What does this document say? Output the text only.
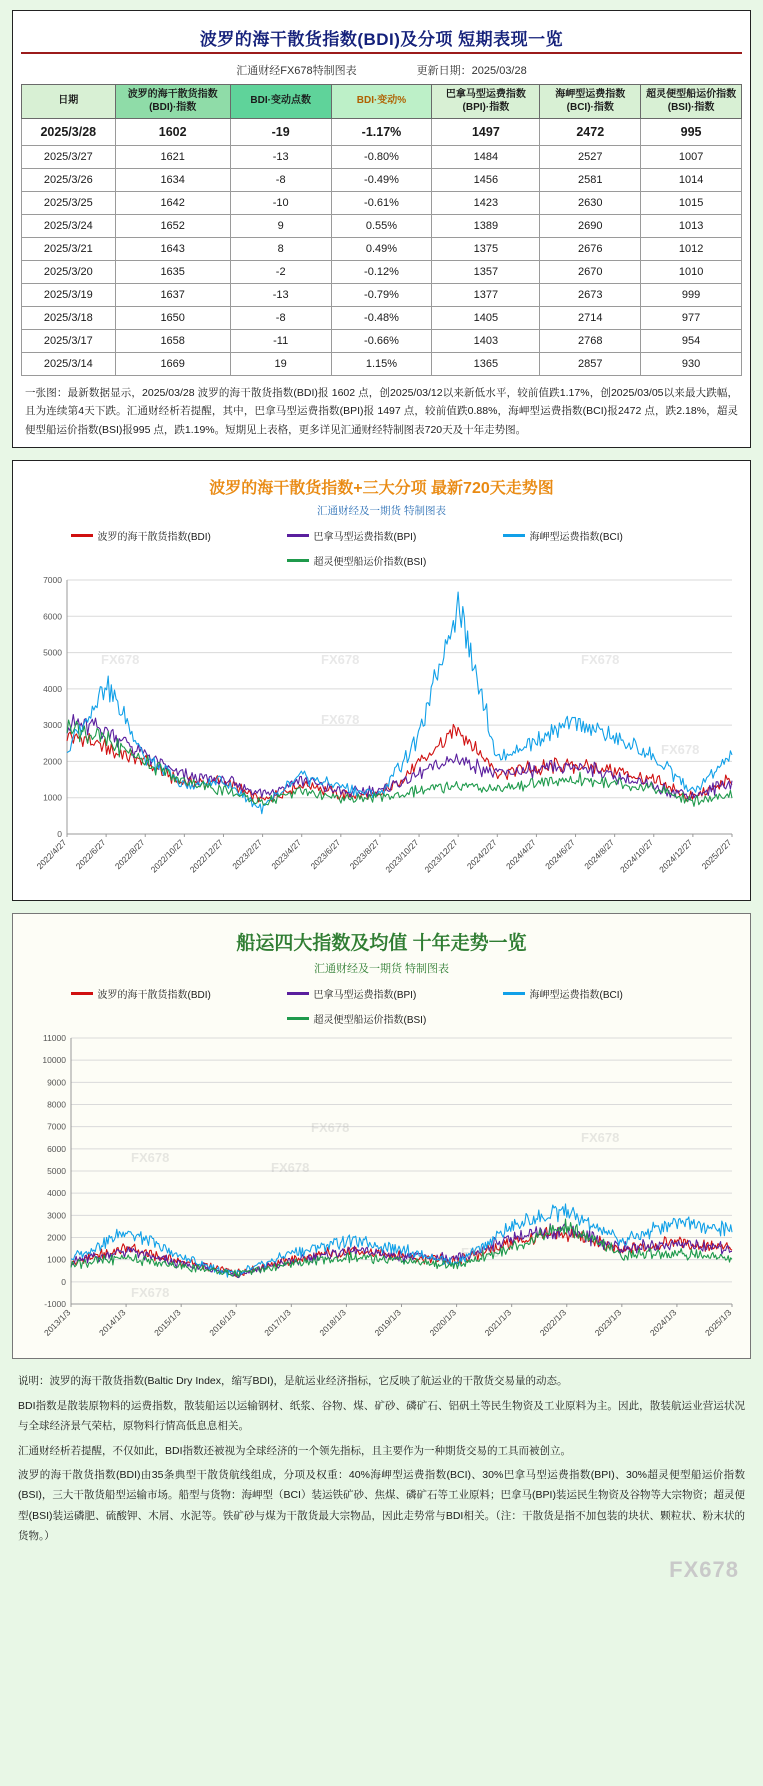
波罗的海干散货指数(BDI)及分项 短期表现一览
汇通财经FX678特制图表	更新日期：2025/03/28
日期	波罗的海干散货指数(BDI)·指数	BDI·变动点数	BDI·变动%	巴拿马型运费指数(BPI)·指数	海岬型运费指数(BCI)·指数	超灵便型船运价指数(BSI)·指数
2025/3/28	1602	-19	-1.17%	1497	2472	995
2025/3/27	1621	-13	-0.80%	1484	2527	1007
2025/3/26	1634	-8	-0.49%	1456	2581	1014
2025/3/25	1642	-10	-0.61%	1423	2630	1015
2025/3/24	1652	9	0.55%	1389	2690	1013
2025/3/21	1643	8	0.49%	1375	2676	1012
2025/3/20	1635	-2	-0.12%	1357	2670	1010
2025/3/19	1637	-13	-0.79%	1377	2673	999
2025/3/18	1650	-8	-0.48%	1405	2714	977
2025/3/17	1658	-11	-0.66%	1403	2768	954
2025/3/14	1669	19	1.15%	1365	2857	930
一张图：最新数据显示，2025/03/28 波罗的海干散货指数(BDI)报 1602 点，创2025/03/12以来新低水平，较前值跌1.17%，创2025/03/05以来最大跌幅，且为连续第4天下跌。汇通财经析若提醒，其中，巴拿马型运费指数(BPI)报 1497 点，较前值跌0.88%，海岬型运费指数(BCI)报2472 点，跌2.18%，超灵便型船运价指数(BSI)报995 点，跌1.19%。短期见上表格，更多详见汇通财经特制图表720天及十年走势图。
波罗的海干散货指数+三大分项 最新720天走势图
汇通财经及一期货 特制图表
波罗的海干散货指数(BDI)	巴拿马型运费指数(BPI)	海岬型运费指数(BCI)
超灵便型船运价指数(BSI)
0
1000
2000
3000
4000
5000
6000
7000
2022/4/27 2022/6/27 2022/8/27 2022/10/27 2022/12/27 2023/2/27 2023/4/27 2023/6/27 2023/8/27 2023/10/27 2023/12/27 2024/2/27 2024/4/27 2024/6/27 2024/8/27 2024/10/27 2024/12/27 2025/2/27
FX678	FX678	FX678
FX678
FX678
船运四大指数及均值 十年走势一览
汇通财经及一期货 特制图表
波罗的海干散货指数(BDI)	巴拿马型运费指数(BPI)	海岬型运费指数(BCI)
超灵便型船运价指数(BSI)
-1000
0
1000
2000
3000
4000
5000
6000
7000
8000
9000
10000
11000
2013/1/3	2014/1/3	2015/1/3	2016/1/3	2017/1/3	2018/1/3	2019/1/3	2020/1/3	2021/1/3	2022/1/3	2023/1/3	2024/1/3	2025/1/3
FX678
FX678
FX678
FX678
FX678
FX678

说明：波罗的海干散货指数(Baltic Dry Index，缩写BDI)，是航运业经济指标，它反映了航运业的干散货交易量的动态。

BDI指数是散装原物料的运费指数，散装船运以运输钢材、纸浆、谷物、煤、矿砂、磷矿石、铝矾土等民生物资及工业原料为主。因此，散装航运业营运状况与全球经济景气荣枯，原物料行情高低息息相关。

汇通财经析若提醒，不仅如此，BDI指数还被视为全球经济的一个领先指标，且主要作为一种期货交易的工具而被创立。

波罗的海干散货指数(BDI)由35条典型干散货航线组成，分项及权重：40%海岬型运费指数(BCI)、30%巴拿马型运费指数(BPI)、30%超灵便型船运价指数(BSI)，三大干散货船型运输市场。船型与货物：海岬型（BCI）装运铁矿砂、焦煤、磷矿石等工业原料；巴拿马(BPI)装运民生物资及谷物等大宗物资；超灵便型(BSI)装运磷肥、硫酸钾、木屑、水泥等。铁矿砂与煤为干散货最大宗物品，因此走势常与BDI相关。（注：干散货是指不加包装的块状、颗粒状、粉末状的货物。）

FX678
